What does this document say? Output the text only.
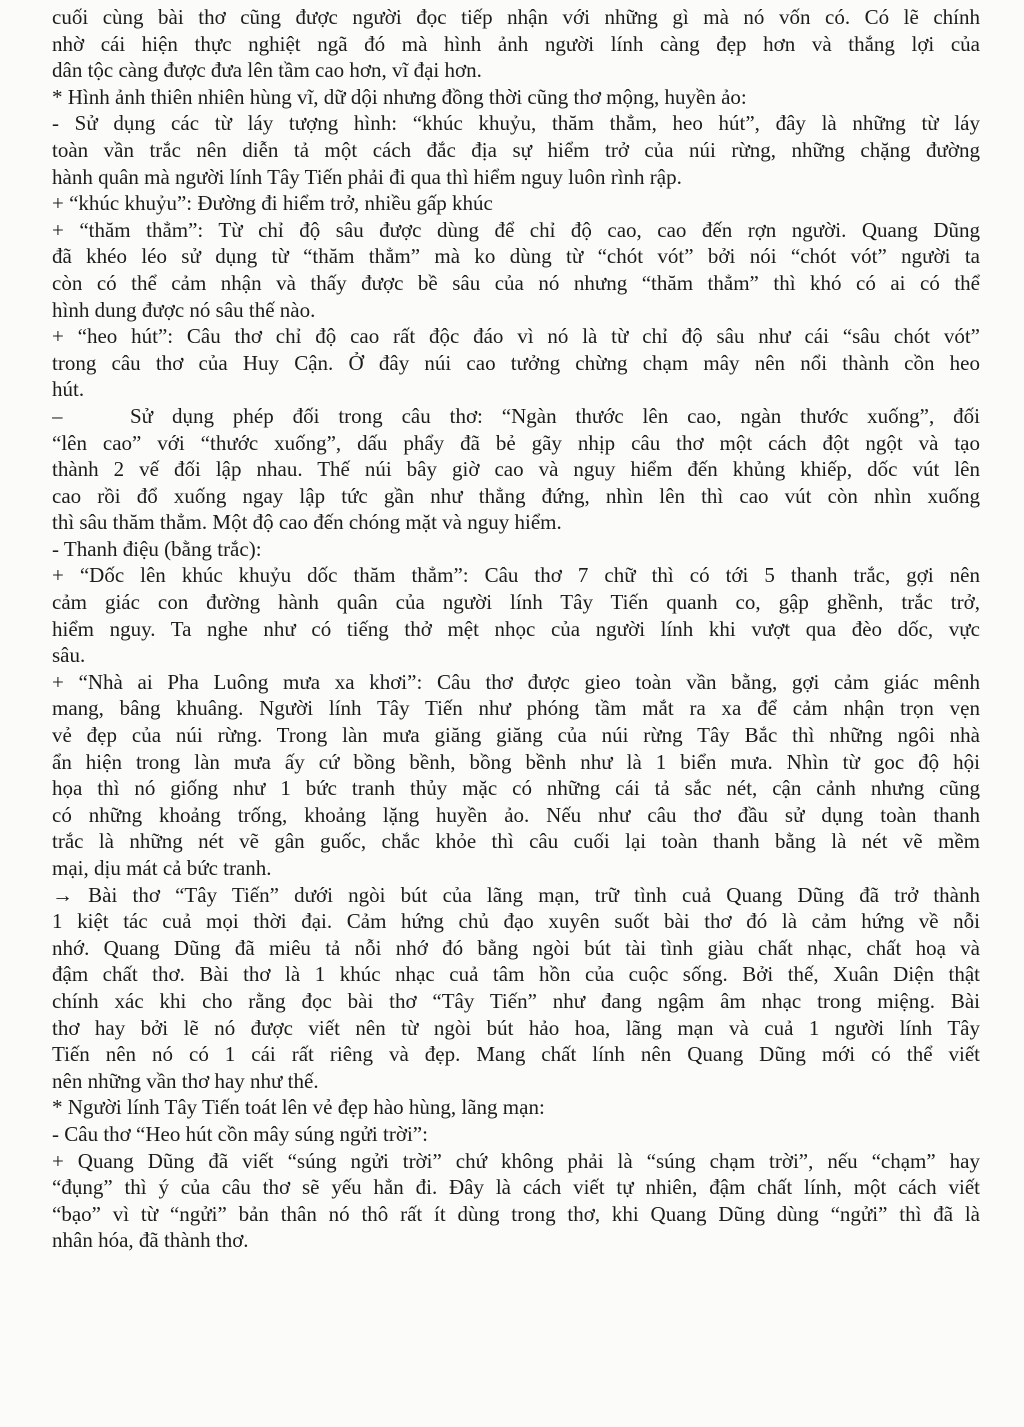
cuối cùng bài thơ cũng được người đọc tiếp nhận với những gì mà nó vốn có. Có lẽ chính
nhờ cái hiện thực nghiệt ngã đó mà hình ảnh người lính càng đẹp hơn và thắng lợi của
dân tộc càng được đưa lên tầm cao hơn, vĩ đại hơn.
* Hình ảnh thiên nhiên hùng vĩ, dữ dội nhưng đồng thời cũng thơ mộng, huyền ảo:
- Sử dụng các từ láy tượng hình: “khúc khuỷu, thăm thẳm, heo hút”, đây là những từ láy
toàn vần trắc nên diễn tả một cách đắc địa sự hiểm trở của núi rừng, những chặng đường
hành quân mà người lính Tây Tiến phải đi qua thì hiểm nguy luôn rình rập.
+ “khúc khuỷu”: Đường đi hiểm trở, nhiều gấp khúc
+ “thăm thẳm”: Từ chỉ độ sâu được dùng để chỉ độ cao, cao đến rợn người. Quang Dũng
đã khéo léo sử dụng từ “thăm thẳm” mà ko dùng từ “chót vót” bởi nói “chót vót” người ta
còn có thể cảm nhận và thấy được bề sâu của nó nhưng “thăm thẳm” thì khó có ai có thể
hình dung được nó sâu thế nào.
+ “heo hút”: Câu thơ chỉ độ cao rất độc đáo vì nó là từ chỉ độ sâu như cái “sâu chót vót”
trong câu thơ của Huy Cận. Ở đây núi cao tưởng chừng chạm mây nên nổi thành cồn heo
hút.
–	Sử dụng phép đối trong câu thơ: “Ngàn thước lên cao, ngàn thước xuống”, đối
“lên cao” với “thước xuống”, dấu phẩy đã bẻ gãy nhịp câu thơ một cách đột ngột và tạo
thành 2 vế đối lập nhau. Thế núi bây giờ cao và nguy hiểm đến khủng khiếp, dốc vút lên
cao rồi đổ xuống ngay lập tức gần như thẳng đứng, nhìn lên thì cao vút còn nhìn xuống
thì sâu thăm thẳm. Một độ cao đến chóng mặt và nguy hiểm.
- Thanh điệu (bằng trắc):
+ “Dốc lên khúc khuỷu dốc thăm thẳm”: Câu thơ 7 chữ thì có tới 5 thanh trắc, gợi nên
cảm giác con đường hành quân của người lính Tây Tiến quanh co, gập ghềnh, trắc trở,
hiểm nguy. Ta nghe như có tiếng thở mệt nhọc của người lính khi vượt qua đèo dốc, vực
sâu.
+ “Nhà ai Pha Luông mưa xa khơi”: Câu thơ được gieo toàn vần bằng, gợi cảm giác mênh
mang, bâng khuâng. Người lính Tây Tiến như phóng tầm mắt ra xa để cảm nhận trọn vẹn
vẻ đẹp của núi rừng. Trong làn mưa giăng giăng của núi rừng Tây Bắc thì những ngôi nhà
ẩn hiện trong làn mưa ấy cứ bồng bềnh, bồng bềnh như là 1 biển mưa. Nhìn từ goc độ hội
họa thì nó giống như 1 bức tranh thủy mặc có những cái tả sắc nét, cận cảnh nhưng cũng
có những khoảng trống, khoảng lặng huyền ảo. Nếu như câu thơ đầu sử dụng toàn thanh
trắc là những nét vẽ gân guốc, chắc khỏe thì câu cuối lại toàn thanh bằng là nét vẽ mềm
mại, dịu mát cả bức tranh.
→ Bài thơ “Tây Tiến” dưới ngòi bút của lãng mạn, trữ tình cuả Quang Dũng đã trở thành
1 kiệt tác cuả mọi thời đại. Cảm hứng chủ đạo xuyên suốt bài thơ đó là cảm hứng về nỗi
nhớ. Quang Dũng đã miêu tả nỗi nhớ đó bằng ngòi bút tài tình giàu chất nhạc, chất hoạ và
đậm chất thơ. Bài thơ là 1 khúc nhạc cuả tâm hồn của cuộc sống. Bởi thế, Xuân Diện thật
chính xác khi cho rằng đọc bài thơ “Tây Tiến” như đang ngậm âm nhạc trong miệng. Bài
thơ hay bởi lẽ nó được viết nên từ ngòi bút hảo hoa, lãng mạn và cuả 1 người lính Tây
Tiến nên nó có 1 cái rất riêng và đẹp. Mang chất lính nên Quang Dũng mới có thể viết
nên những vần thơ hay như thế.
* Người lính Tây Tiến toát lên vẻ đẹp hào hùng, lãng mạn:
- Câu thơ “Heo hút cồn mây súng ngửi trời”:
+ Quang Dũng đã viết “súng ngửi trời” chứ không phải là “súng chạm trời”, nếu “chạm” hay
“đụng” thì ý của câu thơ sẽ yếu hẳn đi. Đây là cách viết tự nhiên, đậm chất lính, một cách viết
“bạo” vì từ “ngửi” bản thân nó thô rất ít dùng trong thơ, khi Quang Dũng dùng “ngửi” thì đã là
nhân hóa, đã thành thơ.
